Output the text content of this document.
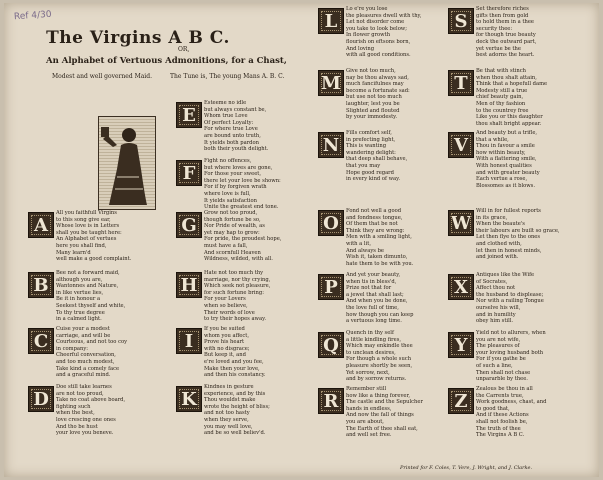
Ref 4/30
The Virgins A B C.
OR,
An Alphabet of Vertuous Admonitions, for a Chast,
Modest and well governed Maid.	The Tune is, The young Mans A. B. C.
E
Esteeme no idle
but always constant be,
Whom true Love
Of perfect Loyalty:
For where true Love
are bound unto truth,
It yields both pardon
both their youth delight.
F
Fight no offences,
but where loves are gone,
For those your sweet,
there let your love be shown:
For if by forgiven wrath
where love is full,
It yields satisfaction
Unite the greatest end tone.
A
All you faithfull Virgins
to this song give ear,
Whose love is in Letters
shall you be taught here:
An Alphabet of vertues
here you shall find,
Many learn'd
well make a good complaint.
G
Grow not too proud,
though fortune be so,
Nor Pride of wealth, as
yet may hap to grow:
For pride, the proudest hope,
must have a fall,
And scornfull Heaven
Wildness, wilded, with all.
B
Bee not a forward maid,
although you are,
Wantonnes and Nature,
in like vertue lies,
Be it in honour a
Seekest thyself and white,
To thy true degree
in a calmed light.
H
Hate not too much thy
marriage, nor thy crying,
Which seek not pleasure,
for such fortune bring:
For your Lovers
when so believe,
Their words of love
to try their hopes away.
C
Cuise your a modest
carriage, and will be
Courteous, and not too coy
in company:
Cheerful conversation,
and too much modest,
Take kind a comely face
and a graceful mind.
I
If you be suited
whom you affect,
Prove his heart
with no disgrace;
But keep it, and
e're loved and you fee,
Make then your love,
and then his constancy.
D
Doe still take learnes
are not too proud,
Take no coat above board,
fighting such
when the best,
love crescing one ones
And tho be hust
your love you beneve.
K
Kindnes in gesture
experience, and by this
Thou wouldst make
wrote the height of bliss;
and not too hasty
when they serve,
you may well love,
and be so well believ'd.
L
Lo e're you lose
the pleasures dwell with thy,
Let not disorder come
you take to look below;
In flower growth
flourish on eftsons born,
And loving
with all good conditions.
S
Set therefore riches
gifts then from gold
to hold them in a thee
security thee:
for though true beauty
deck the outward part,
yet vertue be the
best adorns the heart.
M
Give not too much,
nay be thou always sad,
much fancifulnes may
become a fortunate sad:
but use not too much
laughter, lest you be
Slighted and flouted
by your immodesty.
T
Be that with stinch
when thou shalt attain,
Think that a hopefull dame
Modesty still a true
chief beauty gain,
Men of thy fashion
to the countrey free
Like you or this daughter
thou shalt bright appear.
N
Fills comfort self,
in prefecting light,
This is wanting
wandering delight:
that deep shall behave,
that you may
Hope good regard
in every kind of way.
V
And beauty but a trifle,
that a while,
Thou in favour a smile
how within beauty,
With a flattering smile,
With honest qualities
and with greater beauty
Each vertue a rose,
Blossomes as it blows.
O
Fond not well a good
and fondness tongue,
Of them that be not
Think they are wrong:
Men with a smiling light,
with a lit,
And always be
Wish it, taken dimunto,
hate them to be with you.
W
Will in for fullest reports
in its grace,
When the beaute's
their labours are built so grace,
Let then flye to the ones
and clothed with,
let then in honest minds,
and joined with.
P
And yet your beauty,
when tis in bless'd,
Prize not that for
a jewel that shall last;
And when you be done,
the love full of time,
how though you can keep
a vertuous long time.
X
Antiques like the Wife
of Socrates,
Affect thou not
the husband to displease;
Nor with a railing Tongue
ourselve his will,
and in humility
obey him still.
Q
Quench in thy self
a little kindling fires,
Which may enkindle thee
to unclean desires,
For though a whole such
pleasure shortly be seen,
Yet sorrow, next,
and by sorrow returns.
Y
Yield not to allurers, when
you are not wife,
The pleasures of
your loving husband both
For if you gathe be
of such a line,
Then shall not chase
unpararble by thee.
R
Remember still
how like a thing forever,
The castle and the Sepulcher
hands in endless,
And now the fall of things
you are about,
The Earth of thee shall eat,
and well set free.
Z
Zealous be thou in all
the Carrents true,
Work goodness, chast, and
to good that,
And if these Actions
shall not foolish be,
The truth of thee
The Virgins A B C.
Printed for F. Coles, T. Vere, J. Wright, and J. Clarke.
